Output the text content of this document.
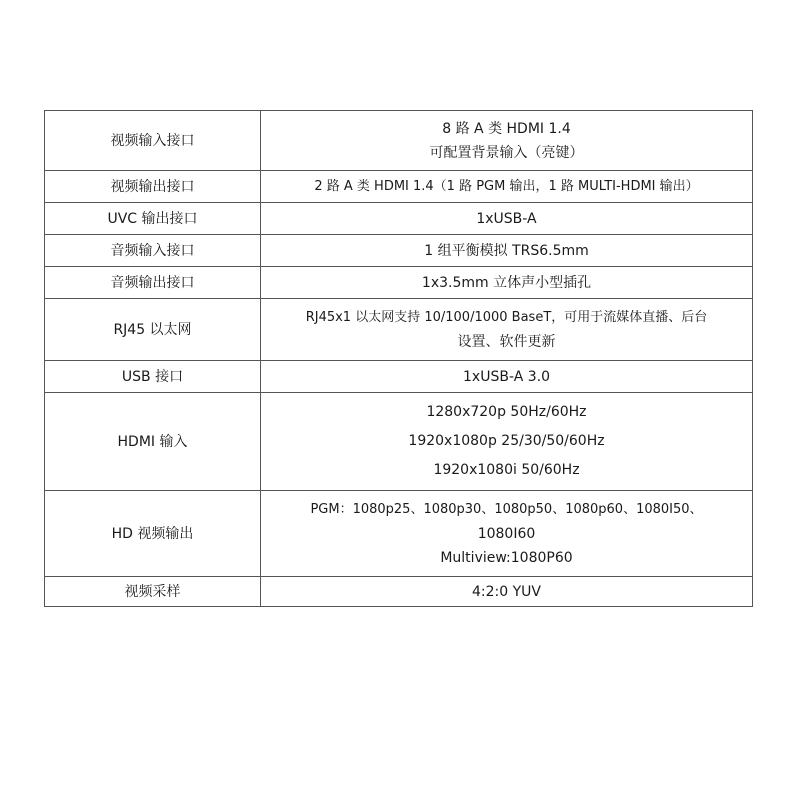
视频输入接口	8 路 A 类 HDMI 1.4
可配置背景输入（亮键）

视频输出接口	2 路 A 类 HDMI 1.4（1 路 PGM 输出，1 路 MULTI-HDMI 输出）

UVC 输出接口	1xUSB-A

音频输入接口	1 组平衡模拟 TRS6.5mm

音频输出接口	1x3.5mm 立体声小型插孔

RJ45 以太网	RJ45x1 以太网支持 10/100/1000 BaseT，可用于流媒体直播、后台
设置、软件更新

USB 接口	1xUSB-A 3.0

HDMI 输入	1280x720p 50Hz/60Hz
1920x1080p 25/30/50/60Hz
1920x1080i 50/60Hz

HD 视频输出	PGM：1080p25、1080p30、1080p50、1080p60、1080I50、
1080I60
Multiview:1080P60

视频采样	4:2:0 YUV
